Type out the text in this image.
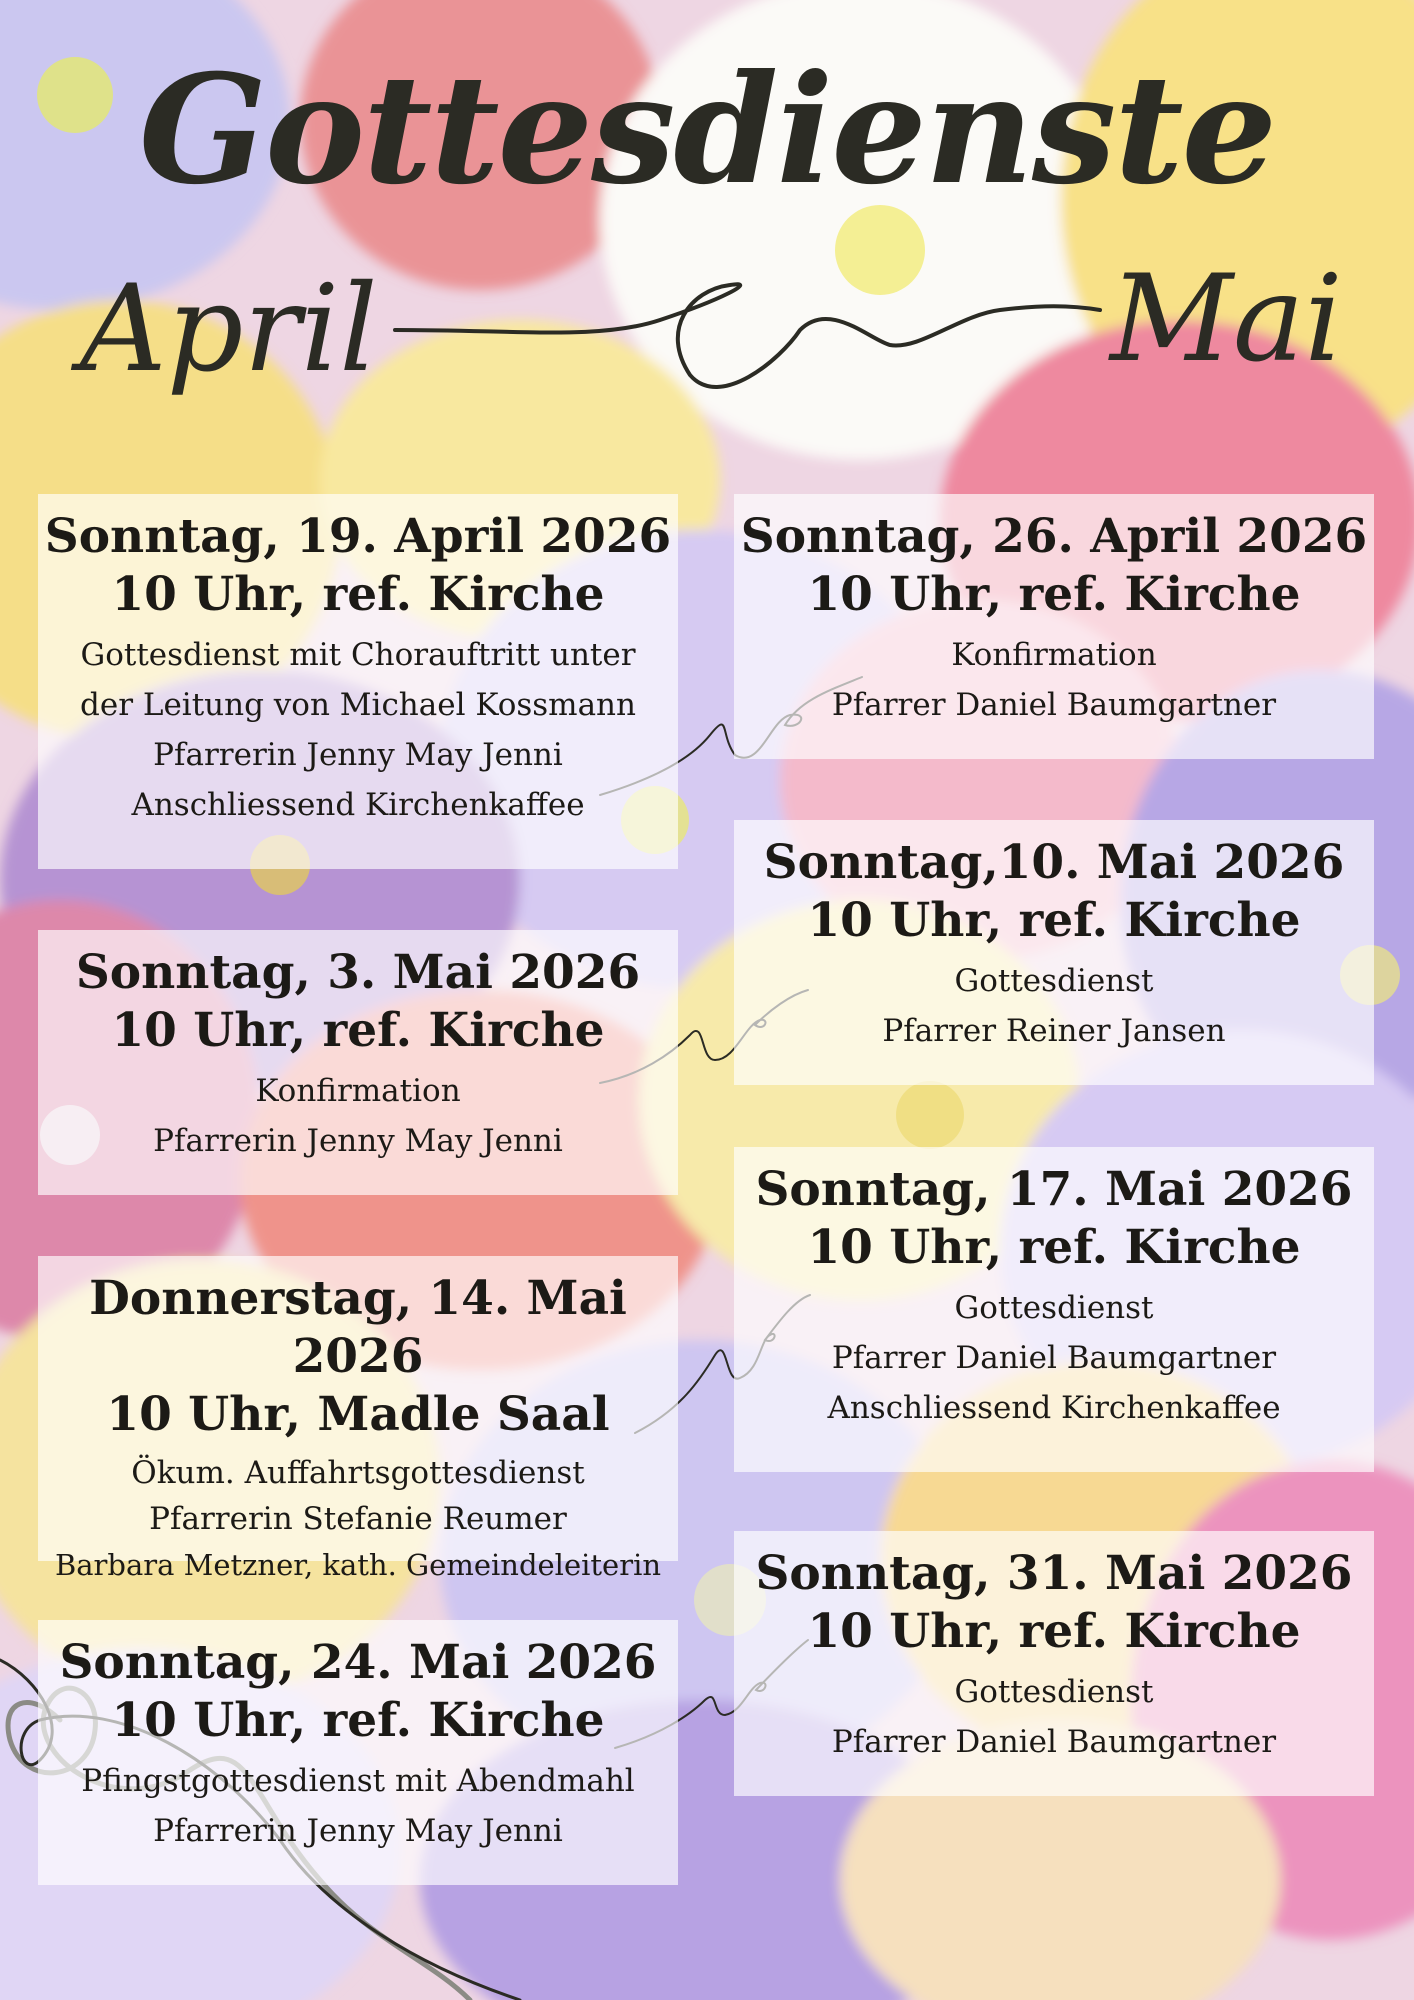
Gottesdienste
April	Mai
Sonntag, 19. April 2026
10 Uhr, ref. Kirche
Gottesdienst mit Chorauftritt unter
der Leitung von Michael Kossmann
Pfarrerin Jenny May Jenni
Anschliessend Kirchenkaffee
Sonntag, 26. April 2026
10 Uhr, ref. Kirche
Konfirmation
Pfarrer Daniel Baumgartner
Sonntag, 3. Mai 2026
10 Uhr, ref. Kirche
Konfirmation
Pfarrerin Jenny May Jenni
Sonntag,10. Mai 2026
10 Uhr, ref. Kirche
Gottesdienst
Pfarrer Reiner Jansen
Donnerstag, 14. Mai 2026
10 Uhr, Madle Saal
Ökum. Auffahrtsgottesdienst
Pfarrerin Stefanie Reumer
Barbara Metzner, kath. Gemeindeleiterin
Sonntag, 17. Mai 2026
10 Uhr, ref. Kirche
Gottesdienst
Pfarrer Daniel Baumgartner
Anschliessend Kirchenkaffee
Sonntag, 24. Mai 2026
10 Uhr, ref. Kirche
Pfingstgottesdienst mit Abendmahl
Pfarrerin Jenny May Jenni
Sonntag, 31. Mai 2026
10 Uhr, ref. Kirche
Gottesdienst
Pfarrer Daniel Baumgartner
